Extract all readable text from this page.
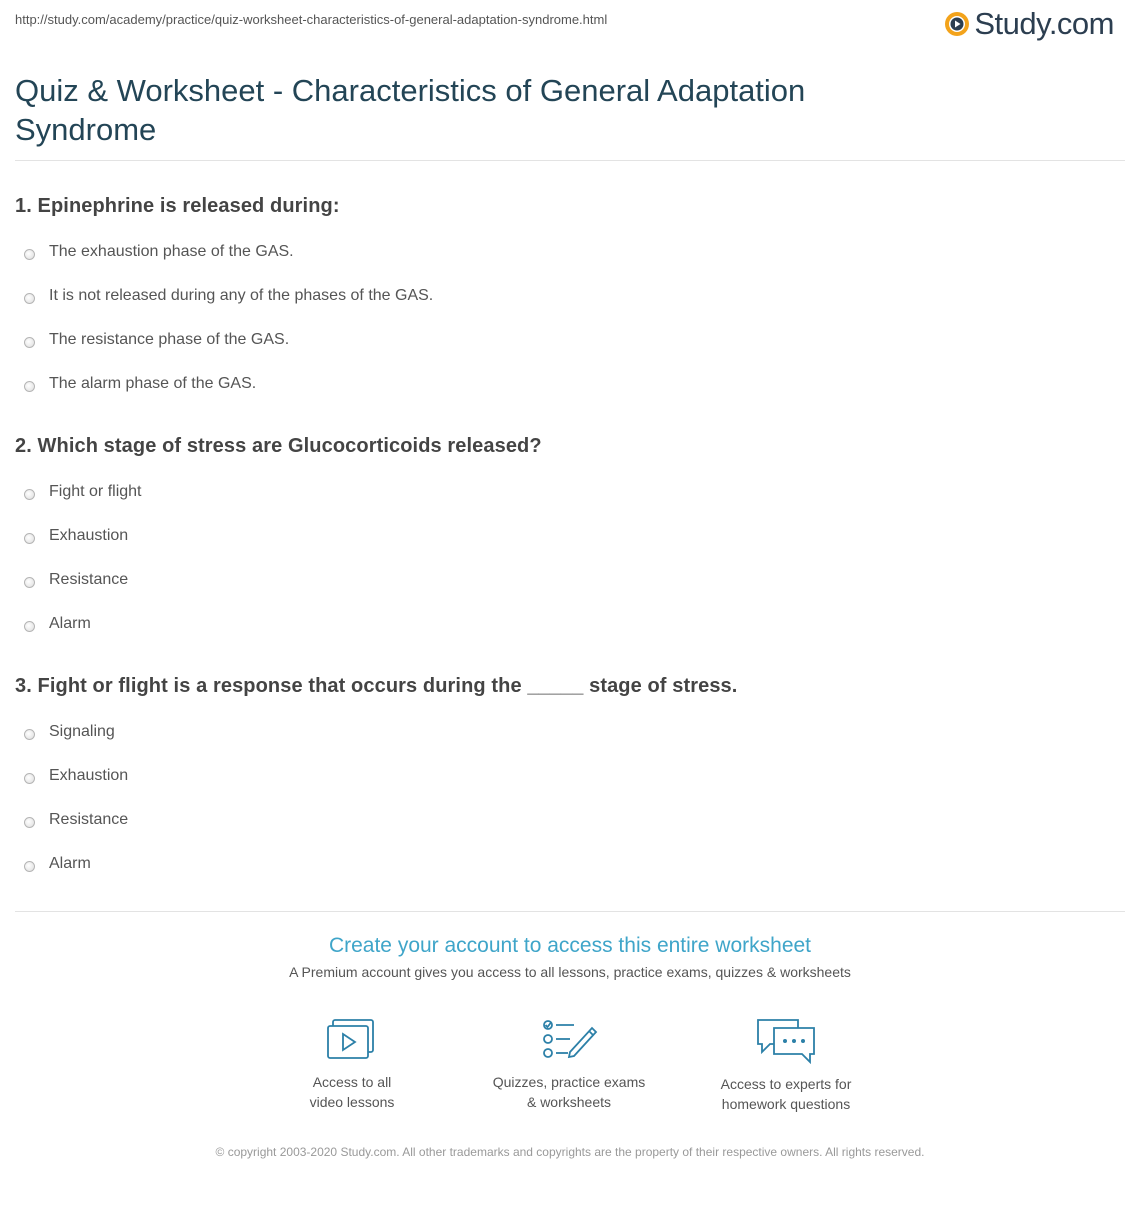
http://study.com/academy/practice/quiz-worksheet-characteristics-of-general-adaptation-syndrome.html	Study.com
Quiz & Worksheet - Characteristics of General Adaptation Syndrome

1. Epinephrine is released during:

The exhaustion phase of the GAS.
It is not released during any of the phases of the GAS.
The resistance phase of the GAS.
The alarm phase of the GAS.

2. Which stage of stress are Glucocorticoids released?

Fight or flight
Exhaustion
Resistance
Alarm

3. Fight or flight is a response that occurs during the _____ stage of stress.

Signaling
Exhaustion
Resistance
Alarm
Create your account to access this entire worksheet
A Premium account gives you access to all lessons, practice exams, quizzes & worksheets
Access to all
video lessons
Quizzes, practice exams
& worksheets
Access to experts for
homework questions
© copyright 2003-2020 Study.com. All other trademarks and copyrights are the property of their respective owners. All rights reserved.
